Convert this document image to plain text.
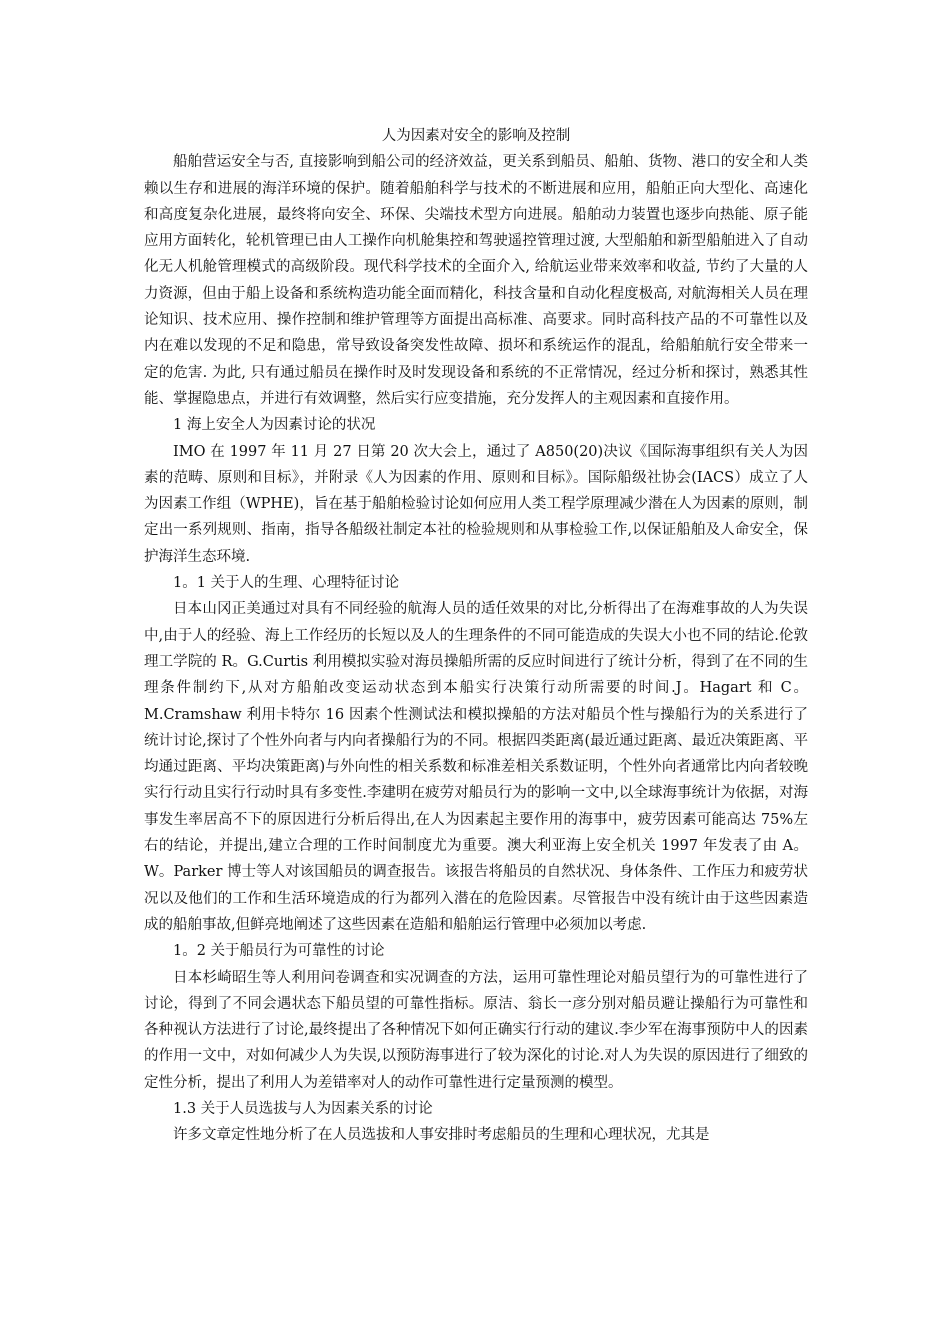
人为因素对安全的影响及控制

船舶营运安全与否, 直接影响到船公司的经济效益，更关系到船员、船舶、货物、港口的安全和人类赖以生存和进展的海洋环境的保护。随着船舶科学与技术的不断进展和应用，船舶正向大型化、高速化和高度复杂化进展，最终将向安全、环保、尖端技术型方向进展。船舶动力装置也逐步向热能、原子能应用方面转化，轮机管理已由人工操作向机舱集控和驾驶遥控管理过渡, 大型船舶和新型船舶进入了自动化无人机舱管理模式的高级阶段。现代科学技术的全面介入, 给航运业带来效率和收益, 节约了大量的人力资源，但由于船上设备和系统构造功能全面而精化，科技含量和自动化程度极高, 对航海相关人员在理论知识、技术应用、操作控制和维护管理等方面提出高标准、高要求。同时高科技产品的不可靠性以及内在难以发现的不足和隐患，常导致设备突发性故障、损坏和系统运作的混乱，给船舶航行安全带来一定的危害. 为此, 只有通过船员在操作时及时发现设备和系统的不正常情况，经过分析和探讨，熟悉其性能、掌握隐患点，并进行有效调整，然后实行应变措施，充分发挥人的主观因素和直接作用。

1 海上安全人为因素讨论的状况

IMO 在 1997 年 11 月 27 日第 20 次大会上，通过了 A850(20)决议《国际海事组织有关人为因素的范畴、原则和目标》，并附录《人为因素的作用、原则和目标》。国际船级社协会(IACS）成立了人为因素工作组（WPHE)，旨在基于船舶检验讨论如何应用人类工程学原理减少潜在人为因素的原则，制定出一系列规则、指南，指导各船级社制定本社的检验规则和从事检验工作,以保证船舶及人命安全，保护海洋生态环境.

1。1 关于人的生理、心理特征讨论

日本山冈正美通过对具有不同经验的航海人员的适任效果的对比,分析得出了在海难事故的人为失误中,由于人的经验、海上工作经历的长短以及人的生理条件的不同可能造成的失误大小也不同的结论.伦敦理工学院的 R。G.Curtis 利用模拟实验对海员操船所需的反应时间进行了统计分析，得到了在不同的生理条件制约下,从对方船舶改变运动状态到本船实行决策行动所需要的时间.J。Hagart 和 C。M.Cramshaw 利用卡特尔 16 因素个性测试法和模拟操船的方法对船员个性与操船行为的关系进行了统计讨论,探讨了个性外向者与内向者操船行为的不同。根据四类距离(最近通过距离、最近决策距离、平均通过距离、平均决策距离)与外向性的相关系数和标准差相关系数证明，个性外向者通常比内向者较晚实行行动且实行行动时具有多变性.李建明在疲劳对船员行为的影响一文中,以全球海事统计为依据，对海事发生率居高不下的原因进行分析后得出,在人为因素起主要作用的海事中，疲劳因素可能高达 75%左右的结论，并提出,建立合理的工作时间制度尤为重要。澳大利亚海上安全机关 1997 年发表了由 A。W。Parker 博士等人对该国船员的调查报告。该报告将船员的自然状况、身体条件、工作压力和疲劳状况以及他们的工作和生活环境造成的行为都列入潜在的危险因素。尽管报告中没有统计由于这些因素造成的船舶事故,但鲜亮地阐述了这些因素在造船和船舶运行管理中必须加以考虑.

1。2 关于船员行为可靠性的讨论

日本杉崎昭生等人利用问卷调查和实况调查的方法，运用可靠性理论对船员望行为的可靠性进行了讨论，得到了不同会遇状态下船员望的可靠性指标。原洁、翁长一彦分别对船员避让操船行为可靠性和各种视认方法进行了讨论,最终提出了各种情况下如何正确实行行动的建议.李少军在海事预防中人的因素的作用一文中，对如何减少人为失误,以预防海事进行了较为深化的讨论.对人为失误的原因进行了细致的定性分析，提出了利用人为差错率对人的动作可靠性进行定量预测的模型。

1.3 关于人员选拔与人为因素关系的讨论

许多文章定性地分析了在人员选拔和人事安排时考虑船员的生理和心理状况，尤其是
